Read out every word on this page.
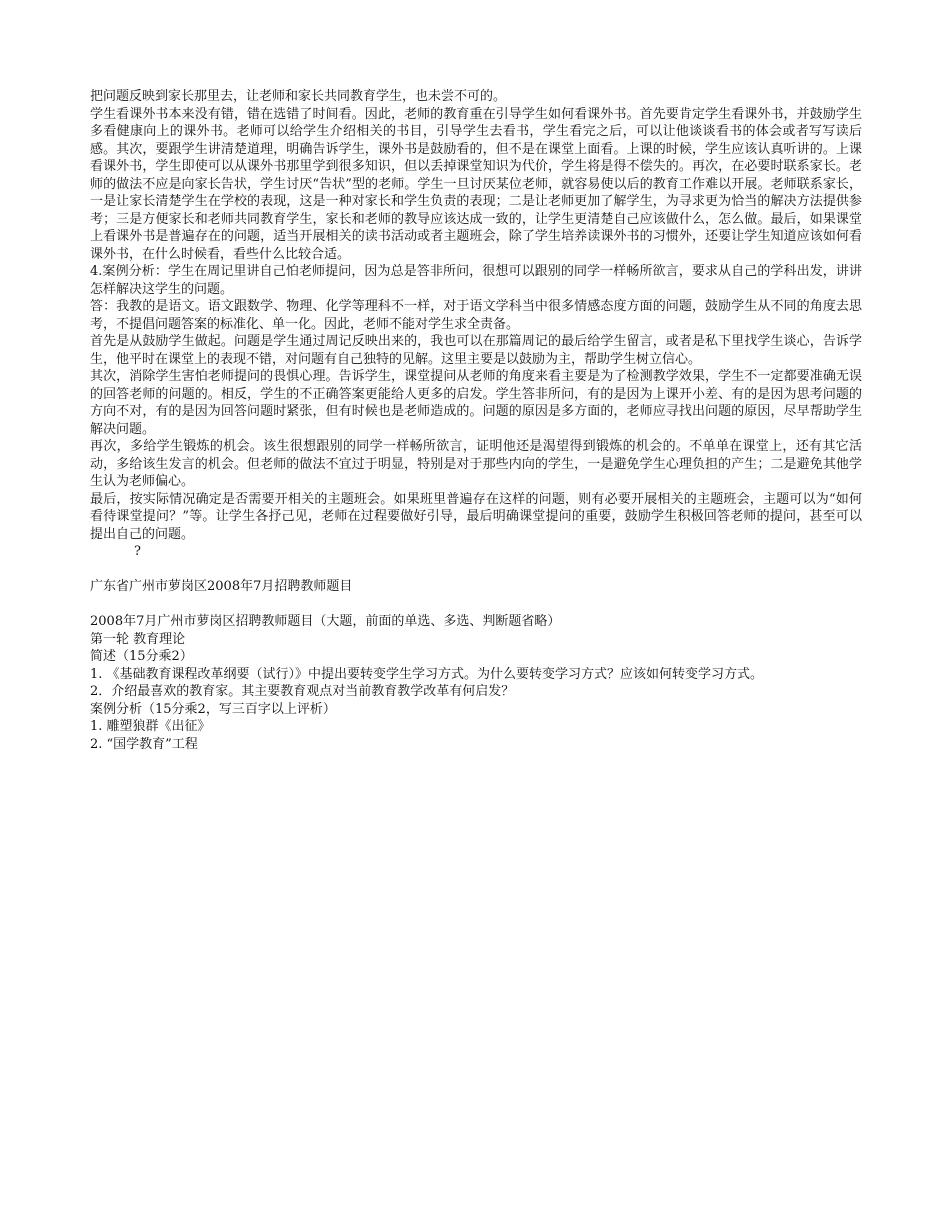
把问题反映到家长那里去，让老师和家长共同教育学生，也未尝不可的。

学生看课外书本来没有错，错在选错了时间看。因此，老师的教育重在引导学生如何看课外书。首先要肯定学生看课外书，并鼓励学生多看健康向上的课外书。老师可以给学生介绍相关的书目，引导学生去看书，学生看完之后，可以让他谈谈看书的体会或者写写读后感。其次，要跟学生讲清楚道理，明确告诉学生，课外书是鼓励看的，但不是在课堂上面看。上课的时候，学生应该认真听讲的。上课看课外书，学生即使可以从课外书那里学到很多知识，但以丢掉课堂知识为代价，学生将是得不偿失的。再次，在必要时联系家长。老师的做法不应是向家长告状，学生讨厌“告状”型的老师。学生一旦讨厌某位老师，就容易使以后的教育工作难以开展。老师联系家长，一是让家长清楚学生在学校的表现，这是一种对家长和学生负责的表现；二是让老师更加了解学生，为寻求更为恰当的解决方法提供参考；三是方便家长和老师共同教育学生，家长和老师的教导应该达成一致的，让学生更清楚自己应该做什么，怎么做。最后，如果课堂上看课外书是普遍存在的问题，适当开展相关的读书活动或者主题班会，除了学生培养读课外书的习惯外，还要让学生知道应该如何看课外书，在什么时候看，看些什么比较合适。

4.案例分析：学生在周记里讲自己怕老师提问，因为总是答非所问，很想可以跟别的同学一样畅所欲言，要求从自己的学科出发，讲讲怎样解决这学生的问题。

答：我教的是语文。语文跟数学、物理、化学等理科不一样，对于语文学科当中很多情感态度方面的问题，鼓励学生从不同的角度去思考，不提倡问题答案的标准化、单一化。因此，老师不能对学生求全责备。

首先是从鼓励学生做起。问题是学生通过周记反映出来的，我也可以在那篇周记的最后给学生留言，或者是私下里找学生谈心，告诉学生，他平时在课堂上的表现不错，对问题有自己独特的见解。这里主要是以鼓励为主，帮助学生树立信心。

其次，消除学生害怕老师提问的畏惧心理。告诉学生，课堂提问从老师的角度来看主要是为了检测教学效果，学生不一定都要准确无误的回答老师的问题的。相反，学生的不正确答案更能给人更多的启发。学生答非所问，有的是因为上课开小差、有的是因为思考问题的方向不对，有的是因为回答问题时紧张，但有时候也是老师造成的。问题的原因是多方面的，老师应寻找出问题的原因，尽早帮助学生解决问题。

再次，多给学生锻炼的机会。该生很想跟别的同学一样畅所欲言，证明他还是渴望得到锻炼的机会的。不单单在课堂上，还有其它活动，多给该生发言的机会。但老师的做法不宜过于明显，特别是对于那些内向的学生，一是避免学生心理负担的产生；二是避免其他学生认为老师偏心。

最后，按实际情况确定是否需要开相关的主题班会。如果班里普遍存在这样的问题，则有必要开展相关的主题班会，主题可以为“如何看待课堂提问？”等。让学生各抒己见，老师在过程要做好引导，最后明确课堂提问的重要，鼓励学生积极回答老师的提问，甚至可以提出自己的问题。

?

广东省广州市萝岗区2008年7月招聘教师题目

2008年7月广州市萝岗区招聘教师题目（大题，前面的单选、多选、判断题省略）

第一轮 教育理论

简述（15分乘2）

1. 《基础教育课程改革纲要（试行）》中提出要转变学生学习方式。为什么要转变学习方式？应该如何转变学习方式。

2．介绍最喜欢的教育家。其主要教育观点对当前教育教学改革有何启发？

案例分析（15分乘2，写三百字以上评析）

1. 雕塑狼群《出征》

2. “国学教育”工程
